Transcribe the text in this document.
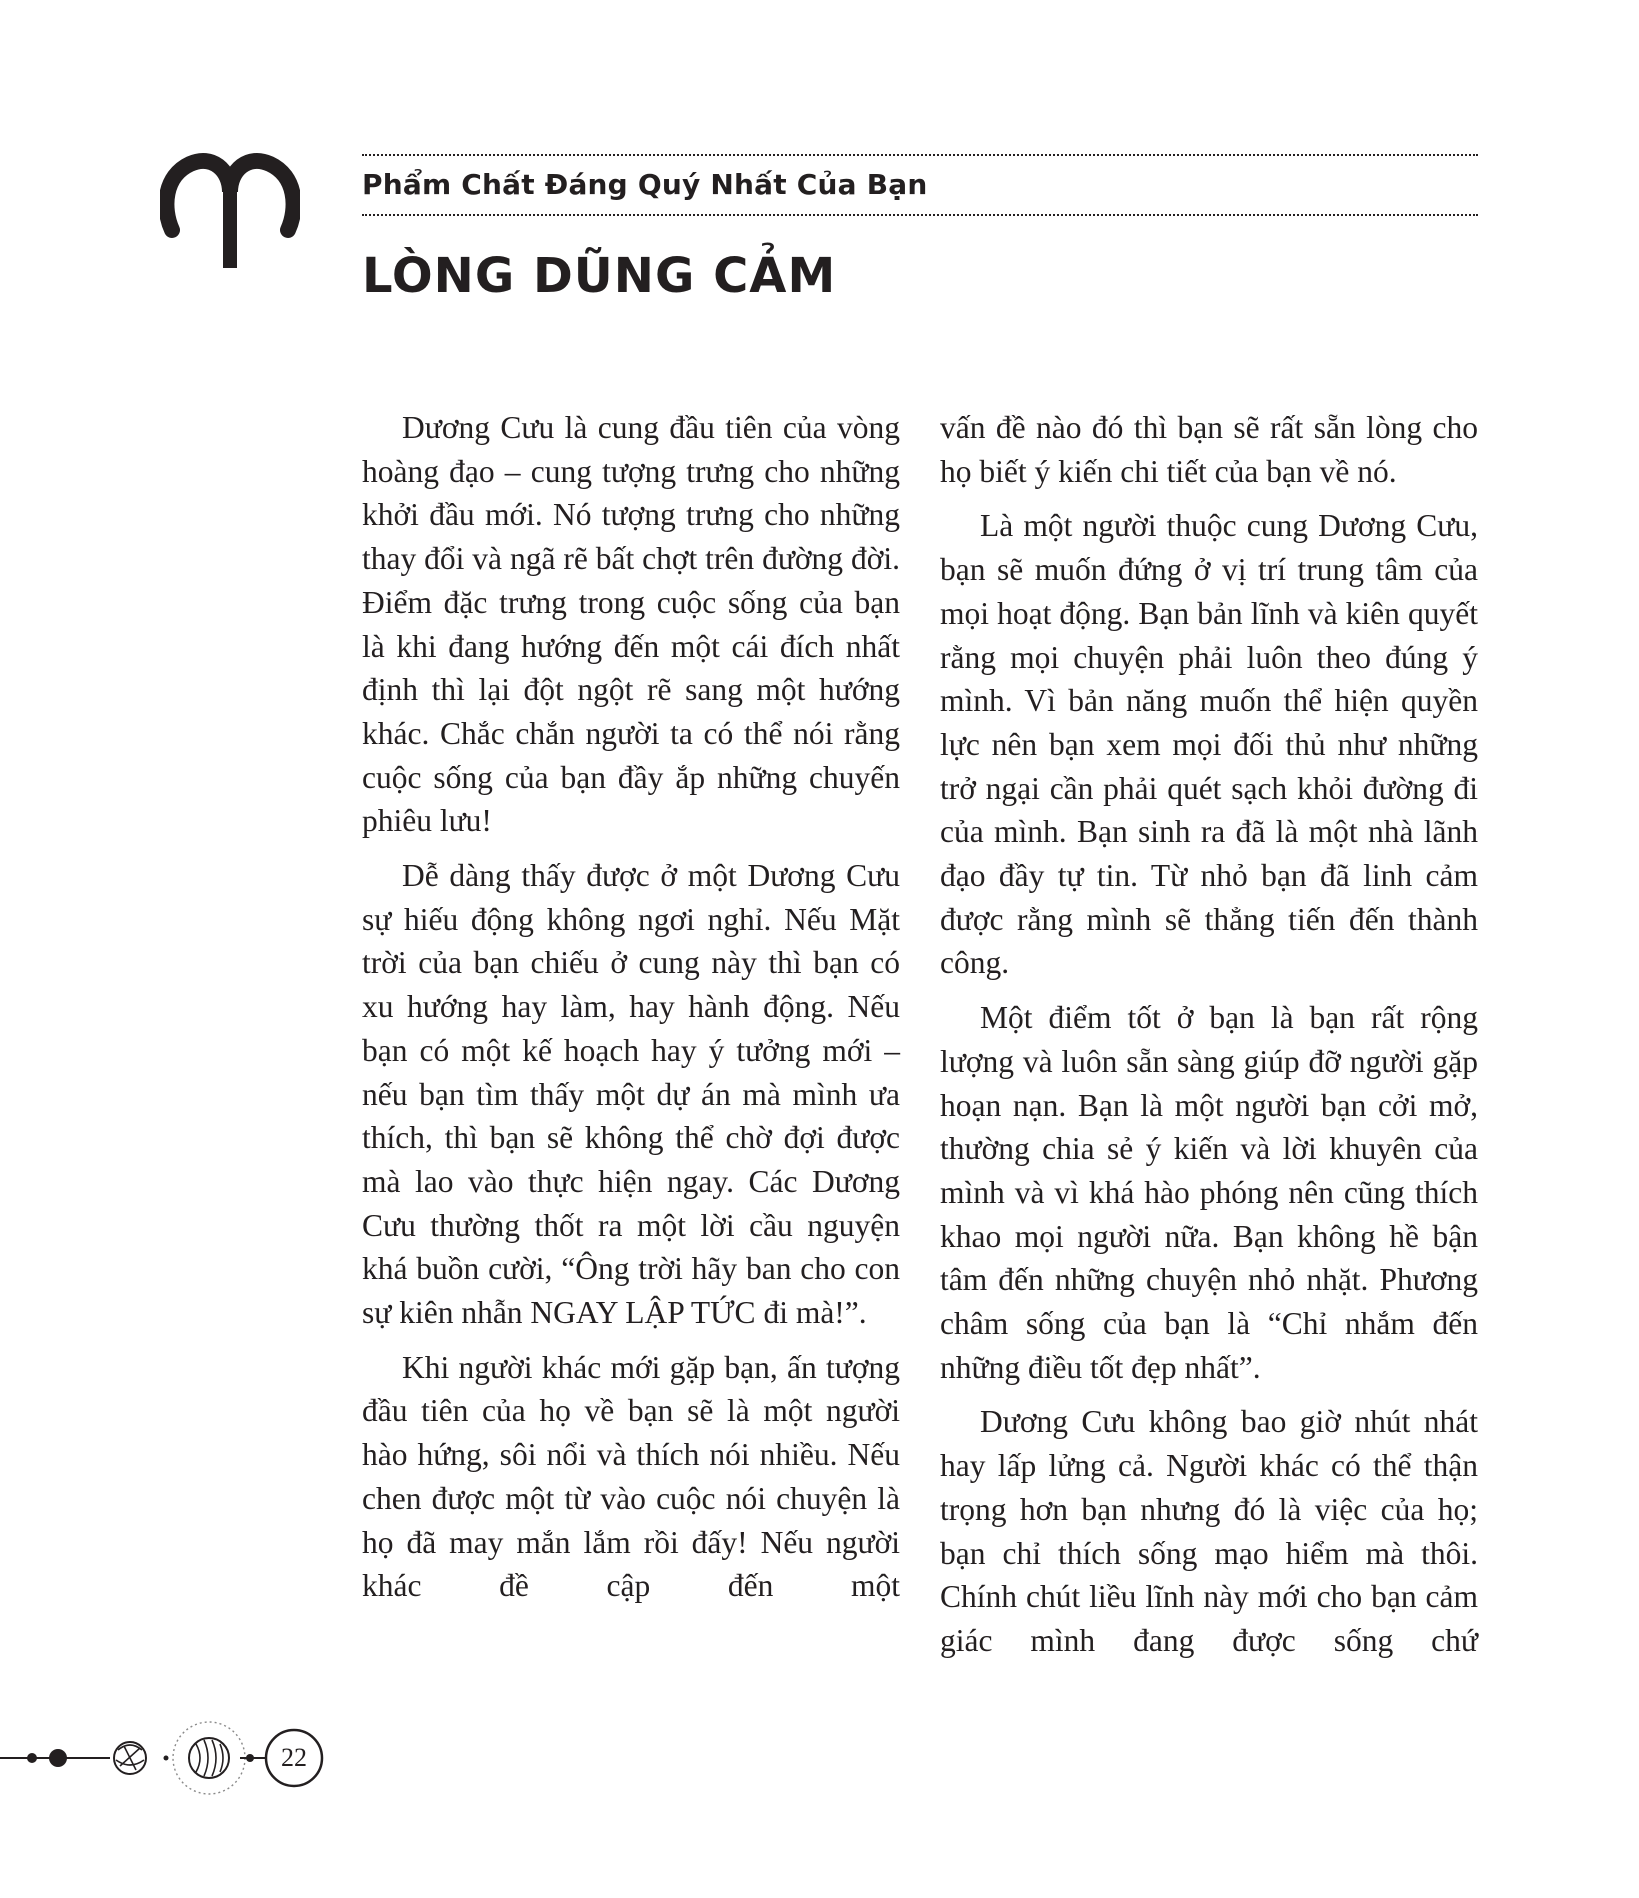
Phẩm Chất Đáng Quý Nhất Của Bạn
LÒNG DŨNG CẢM

Dương Cưu là cung đầu tiên của vòng hoàng đạo – cung tượng trưng cho những khởi đầu mới. Nó tượng trưng cho những thay đổi và ngã rẽ bất chợt trên đường đời. Điểm đặc trưng trong cuộc sống của bạn là khi đang hướng đến một cái đích nhất định thì lại đột ngột rẽ sang một hướng khác. Chắc chắn người ta có thể nói rằng cuộc sống của bạn đầy ắp những chuyến phiêu lưu!

Dễ dàng thấy được ở một Dương Cưu sự hiếu động không ngơi nghỉ. Nếu Mặt trời của bạn chiếu ở cung này thì bạn có xu hướng hay làm, hay hành động. Nếu bạn có một kế hoạch hay ý tưởng mới – nếu bạn tìm thấy một dự án mà mình ưa thích, thì bạn sẽ không thể chờ đợi được mà lao vào thực hiện ngay. Các Dương Cưu thường thốt ra một lời cầu nguyện khá buồn cười, “Ông trời hãy ban cho con sự kiên nhẫn NGAY LẬP TỨC đi mà!”.

Khi người khác mới gặp bạn, ấn tượng đầu tiên của họ về bạn sẽ là một người hào hứng, sôi nổi và thích nói nhiều. Nếu chen được một từ vào cuộc nói chuyện là họ đã may mắn lắm rồi đấy! Nếu người khác đề cập đến một

vấn đề nào đó thì bạn sẽ rất sẵn lòng cho họ biết ý kiến chi tiết của bạn về nó.

Là một người thuộc cung Dương Cưu, bạn sẽ muốn đứng ở vị trí trung tâm của mọi hoạt động. Bạn bản lĩnh và kiên quyết rằng mọi chuyện phải luôn theo đúng ý mình. Vì bản năng muốn thể hiện quyền lực nên bạn xem mọi đối thủ như những trở ngại cần phải quét sạch khỏi đường đi của mình. Bạn sinh ra đã là một nhà lãnh đạo đầy tự tin. Từ nhỏ bạn đã linh cảm được rằng mình sẽ thẳng tiến đến thành công.

Một điểm tốt ở bạn là bạn rất rộng lượng và luôn sẵn sàng giúp đỡ người gặp hoạn nạn. Bạn là một người bạn cởi mở, thường chia sẻ ý kiến và lời khuyên của mình và vì khá hào phóng nên cũng thích khao mọi người nữa. Bạn không hề bận tâm đến những chuyện nhỏ nhặt. Phương châm sống của bạn là “Chỉ nhắm đến những điều tốt đẹp nhất”.

Dương Cưu không bao giờ nhút nhát hay lấp lửng cả. Người khác có thể thận trọng hơn bạn nhưng đó là việc của họ; bạn chỉ thích sống mạo hiểm mà thôi. Chính chút liều lĩnh này mới cho bạn cảm giác mình đang được sống chứ

22
